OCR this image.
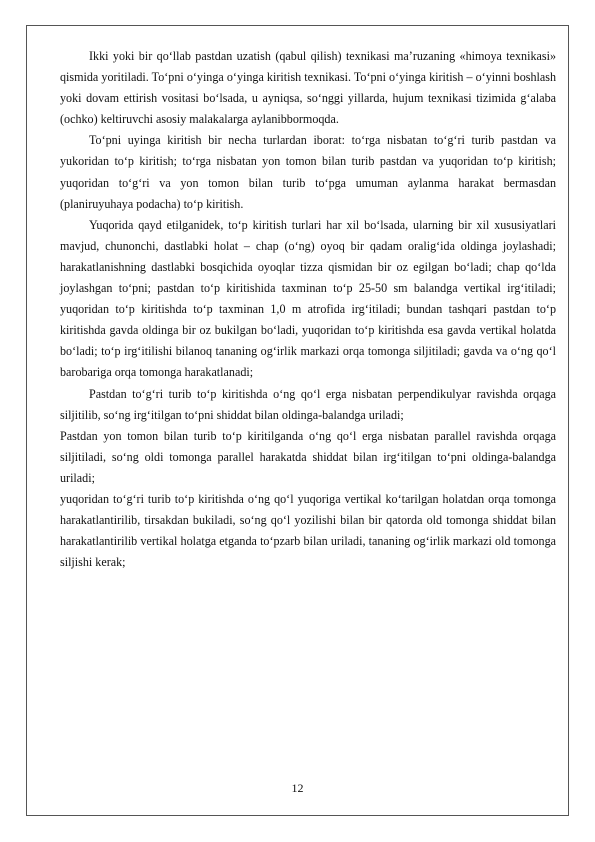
Ikki yoki bir qo‘llab pastdan uzatish (qabul qilish) texnikasi ma’ruzaning «himoya texnikasi» qismida yoritiladi. To‘pni o‘yinga o‘yinga kiritish texnikasi. To‘pni o‘yinga kiritish – o‘yinni boshlash yoki dovam ettirish vositasi bo‘lsada, u ayniqsa, so‘nggi yillarda, hujum texnikasi tizimida g‘alaba (ochko) keltiruvchi asosiy malakalarga aylanibbormoqda.

To‘pni uyinga kiritish bir necha turlardan iborat: to‘rga nisbatan to‘g‘ri turib pastdan va yukoridan to‘p kiritish; to‘rga nisbatan yon tomon bilan turib pastdan va yuqoridan to‘p kiritish; yuqoridan to‘g‘ri va yon tomon bilan turib to‘pga umuman aylanma harakat bermasdan (planiruyuhaya podacha) to‘p kiritish.

Yuqorida qayd etilganidek, to‘p kiritish turlari har xil bo‘lsada, ularning bir xil xususiyatlari mavjud, chunonchi, dastlabki holat – chap (o‘ng) oyoq bir qadam oralig‘ida oldinga joylashadi; harakatlanishning dastlabki bosqichida oyoqlar tizza qismidan bir oz egilgan bo‘ladi; chap qo‘lda joylashgan to‘pni; pastdan to‘p kiritishida taxminan to‘p 25-50 sm balandga vertikal irg‘itiladi; yuqoridan to‘p kiritishda to‘p taxminan 1,0 m atrofida irg‘itiladi; bundan tashqari pastdan to‘p kiritishda gavda oldinga bir oz bukilgan bo‘ladi, yuqoridan to‘p kiritishda esa gavda vertikal holatda bo‘ladi; to‘p irg‘itilishi bilanoq tananing og‘irlik markazi orqa tomonga siljitiladi; gavda va o‘ng qo‘l barobariga orqa tomonga harakatlanadi;

Pastdan to‘g‘ri turib to‘p kiritishda o‘ng qo‘l erga nisbatan perpendikulyar ravishda orqaga siljitilib, so‘ng irg‘itilgan to‘pni shiddat bilan oldinga-balandga uriladi;

Pastdan yon tomon bilan turib to‘p kiritilganda o‘ng qo‘l erga nisbatan parallel ravishda orqaga siljitiladi, so‘ng oldi tomonga parallel harakatda shiddat bilan irg‘itilgan to‘pni oldinga-balandga uriladi;

yuqoridan to‘g‘ri turib to‘p kiritishda o‘ng qo‘l yuqoriga vertikal ko‘tarilgan holatdan orqa tomonga harakatlantirilib, tirsakdan bukiladi, so‘ng qo‘l yozilishi bilan bir qatorda old tomonga shiddat bilan harakatlantirilib vertikal holatga etganda to‘pzarb bilan uriladi, tananing og‘irlik markazi old tomonga siljishi kerak;

12
